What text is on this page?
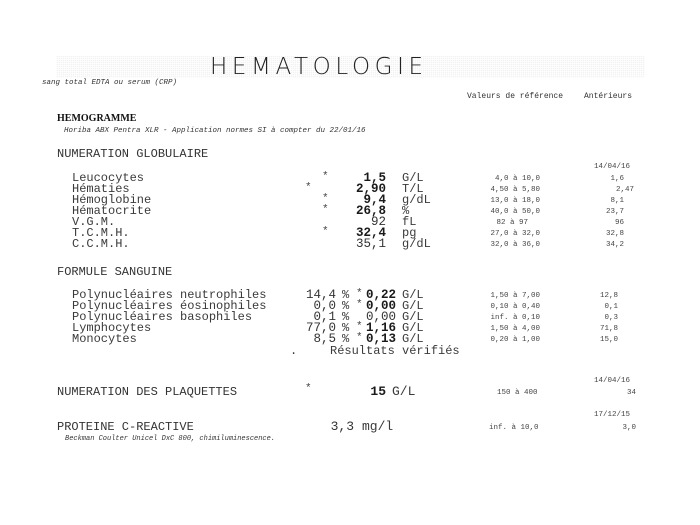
HEMATOLOGIE
sang total EDTA ou serum (CRP)
Valeurs de référence	Antérieurs
HEMOGRAMME
Horiba ABX Pentra XLR - Application normes SI à compter du 22/01/16
NUMERATION GLOBULAIRE
14/04/16
Leucocytes	*	1,5 G/L	4,0 à 10,0	1,6
Hématies	*	2,90 T/L	4,50 à 5,80	2,47
Hémoglobine	*	9,4 g/dL	13,0 à 18,0	8,1
Hématocrite	*	26,8 %	40,0 à 50,0	23,7
V.G.M.	92 fL	82 à 97	96
T.C.M.H.	*	32,4 pg	27,0 à 32,0	32,8
C.C.M.H.	35,1 g/dL	32,0 à 36,0	34,2
FORMULE SANGUINE
Polynucléaires neutrophiles	14,4 % * 0,22 G/L	1,50 à 7,00	12,8
Polynucléaires éosinophiles	0,0 % * 0,00 G/L	0,10 à 0,40	0,1
Polynucléaires basophiles	0,1 %	0,00 G/L	inf. à 0,10	0,3
Lymphocytes	77,0 % * 1,16 G/L	1,50 à 4,00	71,8
Monocytes	8,5 % * 0,13 G/L	0,20 à 1,00	15,0
.	Résultats vérifiés
14/04/16
NUMERATION DES PLAQUETTES	*	15 G/L	150 à 400	34
17/12/15
PROTEINE C-REACTIVE	3,3 mg/l	inf. à 10,0	3,0
Beckman Coulter Unicel DxC 800, chimiluminescence.
